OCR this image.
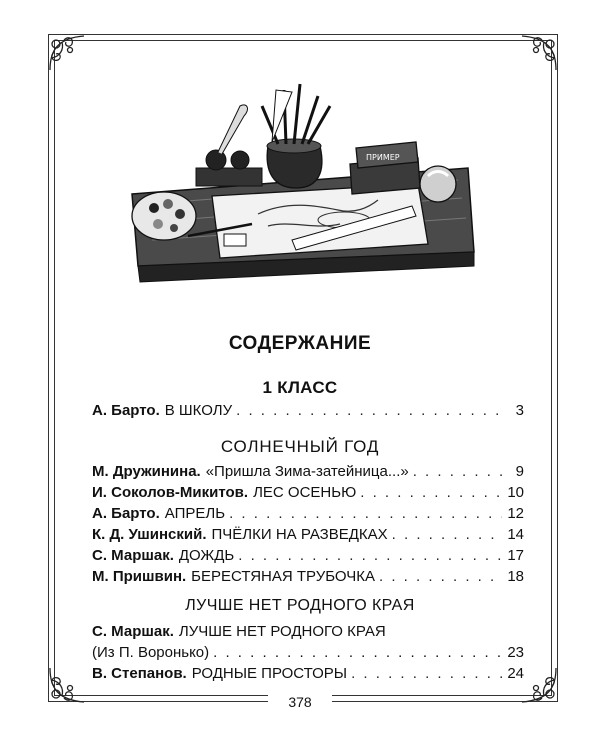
ПРИМЕР
СОДЕРЖАНИЕ
1 КЛАСС
А. Барто. В ШКОЛУ . . .	3
СОЛНЕЧНЫЙ ГОД
М. Дружинина. «Пришла Зима-затейница...» . . .	9
И. Соколов-Микитов. ЛЕС ОСЕНЬЮ . . .	10
А. Барто. АПРЕЛЬ . . .	12
К. Д. Ушинский. ПЧЁЛКИ НА РАЗВЕДКАХ . . .	14
С. Маршак. ДОЖДЬ . . .	17
М. Пришвин. БЕРЕСТЯНАЯ ТРУБОЧКА . . .	18
ЛУЧШЕ НЕТ РОДНОГО КРАЯ
С. Маршак. ЛУЧШЕ НЕТ РОДНОГО КРАЯ
(Из П. Воронько) . . .	23
В. Степанов. РОДНЫЕ ПРОСТОРЫ . . .	24
378
